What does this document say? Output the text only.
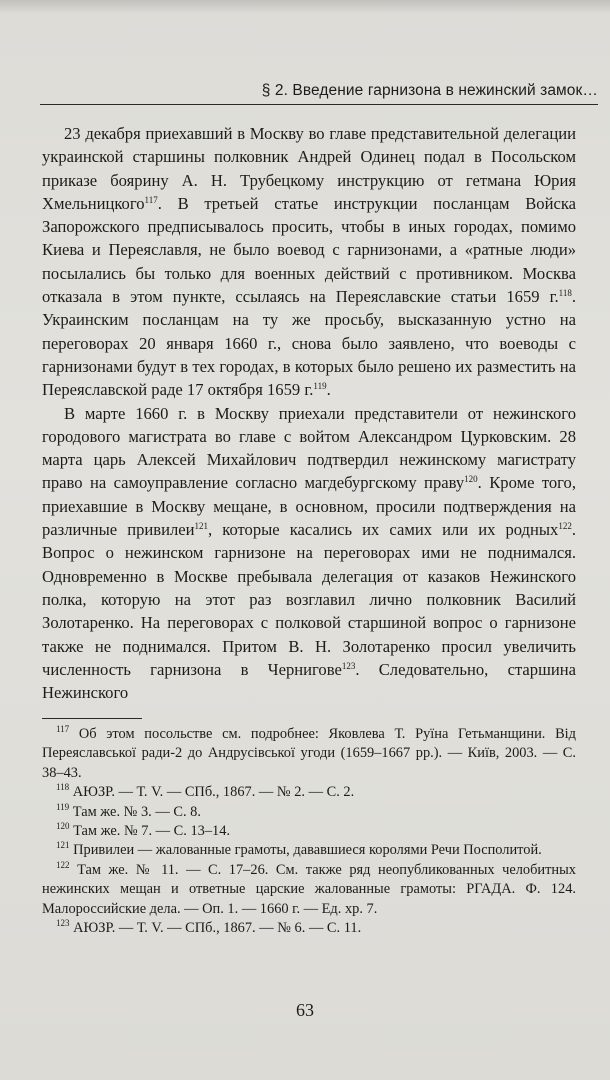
§ 2. Введение гарнизона в нежинский замок…

23 декабря приехавший в Москву во главе представительной делегации украинской старшины полковник Андрей Одинец подал в Посольском приказе боярину А. Н. Трубецкому инструкцию от гетмана Юрия Хмельницкого$^{117}$. В третьей статье инструкции посланцам Войска Запорожского предписывалось просить, чтобы в иных городах, помимо Киева и Переяславля, не было воевод с гарнизонами, а «ратные люди» посылались бы только для военных действий с противником. Москва отказала в этом пункте, ссылаясь на Переяславские статьи 1659 г.$^{118}$. Украинским посланцам на ту же просьбу, высказанную устно на переговорах 20 января 1660 г., снова было заявлено, что воеводы с гарнизонами будут в тех городах, в которых было решено их разместить на Переяславской раде 17 октября 1659 г.$^{119}$.

В марте 1660 г. в Москву приехали представители от нежинского городового магистрата во главе с войтом Александром Цурковским. 28 марта царь Алексей Михайлович подтвердил нежинскому магистрату право на самоуправление согласно магдебургскому праву$^{120}$. Кроме того, приехавшие в Москву мещане, в основном, просили подтверждения на различные привилеи$^{121}$, которые касались их самих или их родных$^{122}$. Вопрос о нежинском гарнизоне на переговорах ими не поднимался. Одновременно в Москве пребывала делегация от казаков Нежинского полка, которую на этот раз возглавил лично полковник Василий Золотаренко. На переговорах с полковой старшиной вопрос о гарнизоне также не поднимался. Притом В. Н. Золотаренко просил увеличить численность гарнизона в Чернигове$^{123}$. Следовательно, старшина Нежинского

$^{117}$ Об этом посольстве см. подробнее: Яковлева Т. Руïна Гетьманщини. Від Переяславської ради-2 до Андрусівської угоди (1659–1667 рр.). — Київ, 2003. — С. 38–43.

$^{118}$ АЮЗР. — Т. V. — СПб., 1867. — № 2. — С. 2.

$^{119}$ Там же. № 3. — С. 8.

$^{120}$ Там же. № 7. — С. 13–14.

$^{121}$ Привилеи — жалованные грамоты, дававшиеся королями Речи Посполитой.

$^{122}$ Там же. № 11. — С. 17–26. См. также ряд неопубликованных челобитных нежинских мещан и ответные царские жалованные грамоты: РГАДА. Ф. 124. Малороссийские дела. — Оп. 1. — 1660 г. — Ед. хр. 7.

$^{123}$ АЮЗР. — Т. V. — СПб., 1867. — № 6. — С. 11.

63
